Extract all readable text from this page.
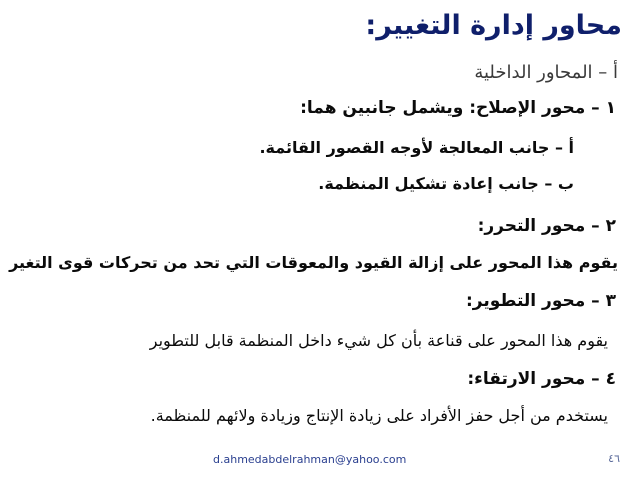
محاور إدارة التغيير:
أ – المحاور الداخلية
١ – محور الإصلاح: ويشمل جانبين هما:
أ – جانب المعالجة لأوجه القصور القائمة.
ب – جانب إعادة تشكيل المنظمة.
٢ – محور التحرر:
يقوم هذا المحور على إزالة القيود والمعوقات التي تحد من تحركات قوى التغير
٣ – محور التطوير:
يقوم هذا المحور على قناعة بأن كل شيء داخل المنظمة قابل للتطوير
٤ – محور الارتقاء:
يستخدم من أجل حفز الأفراد على زيادة الإنتاج وزيادة ولائهم للمنظمة.
d.ahmedabdelrahman@yahoo.com	٤٦
